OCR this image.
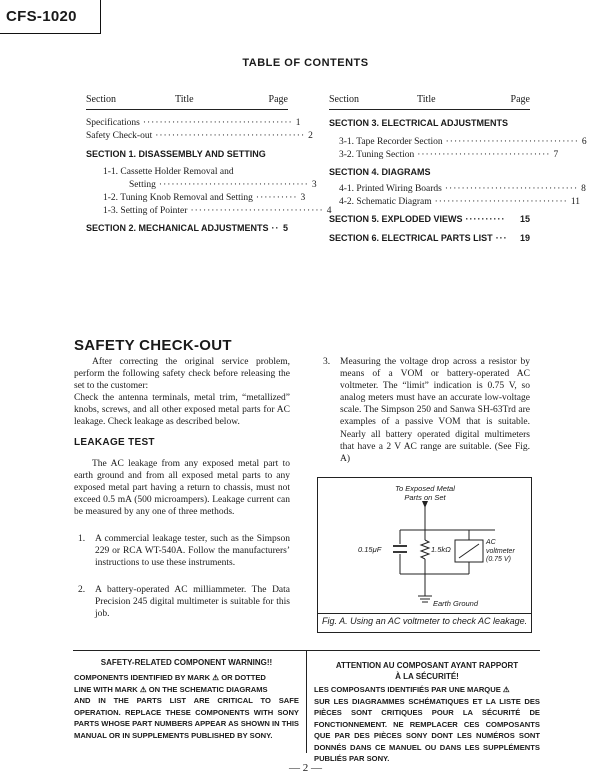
CFS-1020
TABLE OF CONTENTS
Section	Title	Page	Section	Title	Page
Specifications ···································· 1
Safety Check-out ···································· 2
SECTION 1. DISASSEMBLY AND SETTING
1-1. Cassette Holder Removal and
Setting ···································· 3
1-2. Tuning Knob Removal and Setting ·········· 3
1-3. Setting of Pointer ································ 4
SECTION 2. MECHANICAL ADJUSTMENTS ·· 5
SECTION 3. ELECTRICAL ADJUSTMENTS
3-1. Tape Recorder Section ································ 6
3-2. Tuning Section ································ 7
SECTION 4. DIAGRAMS
4-1. Printed Wiring Boards ································ 8
4-2. Schematic Diagram ································ 11
SECTION 5. EXPLODED VIEWS ··········	15
SECTION 6. ELECTRICAL PARTS LIST ···	19
SAFETY CHECK-OUT

After correcting the original service problem, perform the following safety check before releasing the set to the customer:

Check the antenna terminals, metal trim, “metallized” knobs, screws, and all other exposed metal parts for AC leakage. Check leakage as described below.

LEAKAGE TEST

The AC leakage from any exposed metal part to earth ground and from all exposed metal parts to any exposed metal part having a return to chassis, must not exceed 0.5 mA (500 microampers). Leakage current can be measured by any one of three methods.

1. A commercial leakage tester, such as the Simpson 229 or RCA WT-540A. Follow the manufacturers’ instructions to use these instruments.
2. A battery-operated AC milliammeter. The Data Precision 245 digital multimeter is suitable for this job.
3. Measuring the voltage drop across a resistor by means of a VOM or battery-operated AC voltmeter. The “limit” indication is 0.75 V, so analog meters must have an accurate low-voltage scale. The Simpson 250 and Sanwa SH-63Trd are examples of a passive VOM that is suitable. Nearly all battery operated digital multimeters that have a 2 V AC range are suitable. (See Fig. A)
To Exposed Metal
Parts on Set
0.15μF	1.5kΩ
AC
voltmeter
(0.75 V)
Earth Ground
Fig. A. Using an AC voltmeter to check AC leakage.
SAFETY-RELATED COMPONENT WARNING!!
COMPONENTS IDENTIFIED BY MARK ⚠ OR DOTTED
LINE WITH MARK ⚠ ON THE SCHEMATIC DIAGRAMS
AND IN THE PARTS LIST ARE CRITICAL TO SAFE OPERATION. REPLACE THESE COMPONENTS WITH SONY PARTS WHOSE PART NUMBERS APPEAR AS SHOWN IN THIS MANUAL OR IN SUPPLEMENTS PUBLISHED BY SONY.
ATTENTION AU COMPOSANT AYANT RAPPORT
À LA SÉCURITÉ!
LES COMPOSANTS IDENTIFIÉS PAR UNE MARQUE ⚠
SUR LES DIAGRAMMES SCHÉMATIQUES ET LA LISTE DES PIÈCES SONT CRITIQUES POUR LA SÉCURITÉ DE FONCTIONNEMENT. NE REMPLACER CES COMPOSANTS QUE PAR DES PIÈCES SONY DONT LES NUMÉROS SONT DONNÉS DANS CE MANUEL OU DANS LES SUPPLÉMENTS PUBLIÉS PAR SONY.
— 2 —
